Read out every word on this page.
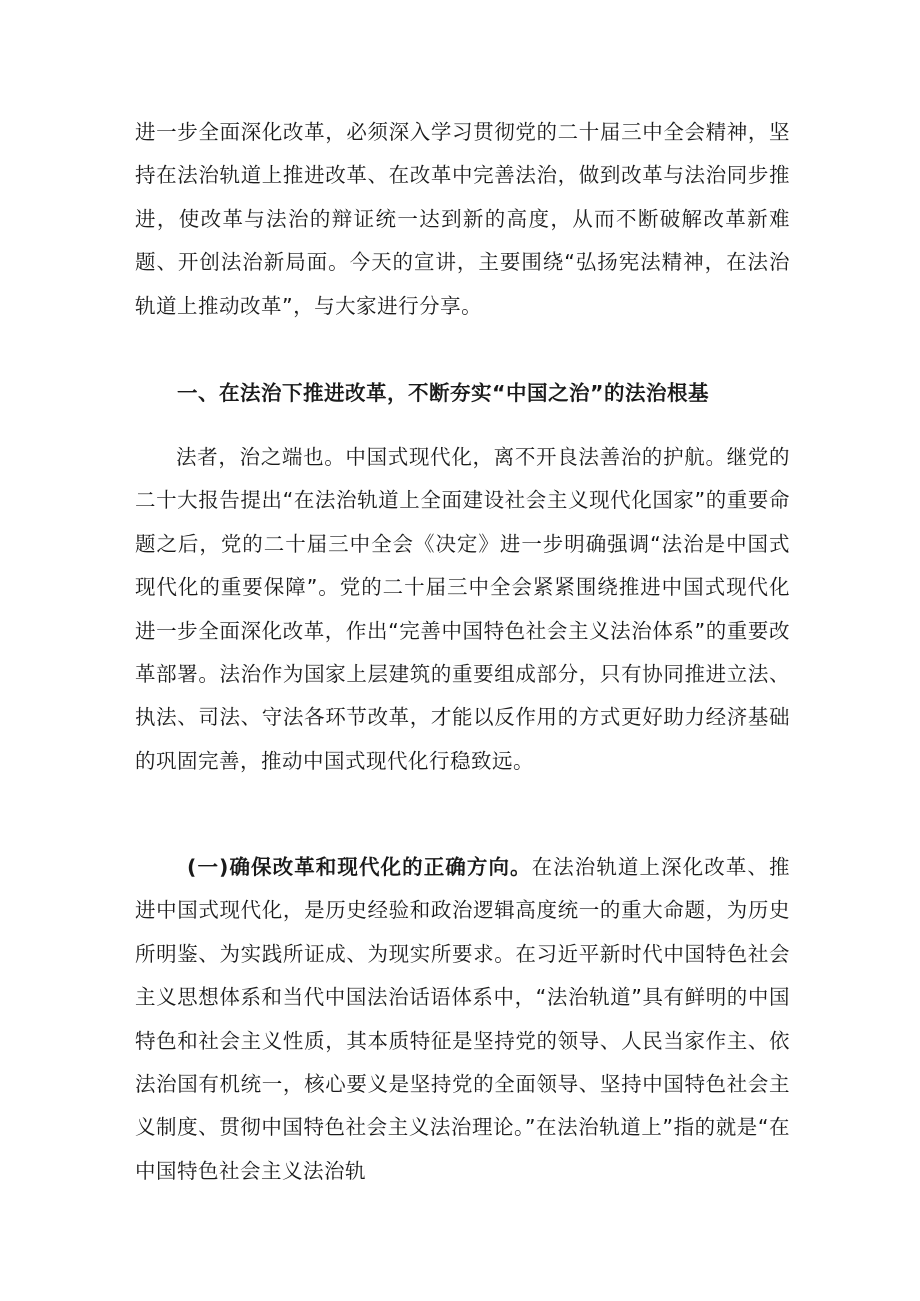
进一步全面深化改革，必须深入学习贯彻党的二十届三中全会精神，坚持在法治轨道上推进改革、在改革中完善法治，做到改革与法治同步推进，使改革与法治的辩证统一达到新的高度，从而不断破解改革新难题、开创法治新局面。今天的宣讲，主要围绕“弘扬宪法精神，在法治轨道上推动改革”，与大家进行分享。

一、在法治下推进改革，不断夯实“中国之治”的法治根基

法者，治之端也。中国式现代化，离不开良法善治的护航。继党的二十大报告提出“在法治轨道上全面建设社会主义现代化国家”的重要命题之后，党的二十届三中全会《决定》进一步明确强调“法治是中国式现代化的重要保障”。党的二十届三中全会紧紧围绕推进中国式现代化进一步全面深化改革，作出“完善中国特色社会主义法治体系”的重要改革部署。法治作为国家上层建筑的重要组成部分，只有协同推进立法、执法、司法、守法各环节改革，才能以反作用的方式更好助力经济基础的巩固完善，推动中国式现代化行稳致远。

(一)确保改革和现代化的正确方向。在法治轨道上深化改革、推进中国式现代化，是历史经验和政治逻辑高度统一的重大命题，为历史所明鉴、为实践所证成、为现实所要求。在习近平新时代中国特色社会主义思想体系和当代中国法治话语体系中，“法治轨道”具有鲜明的中国特色和社会主义性质，其本质特征是坚持党的领导、人民当家作主、依法治国有机统一，核心要义是坚持党的全面领导、坚持中国特色社会主义制度、贯彻中国特色社会主义法治理论。”在法治轨道上”指的就是“在中国特色社会主义法治轨
